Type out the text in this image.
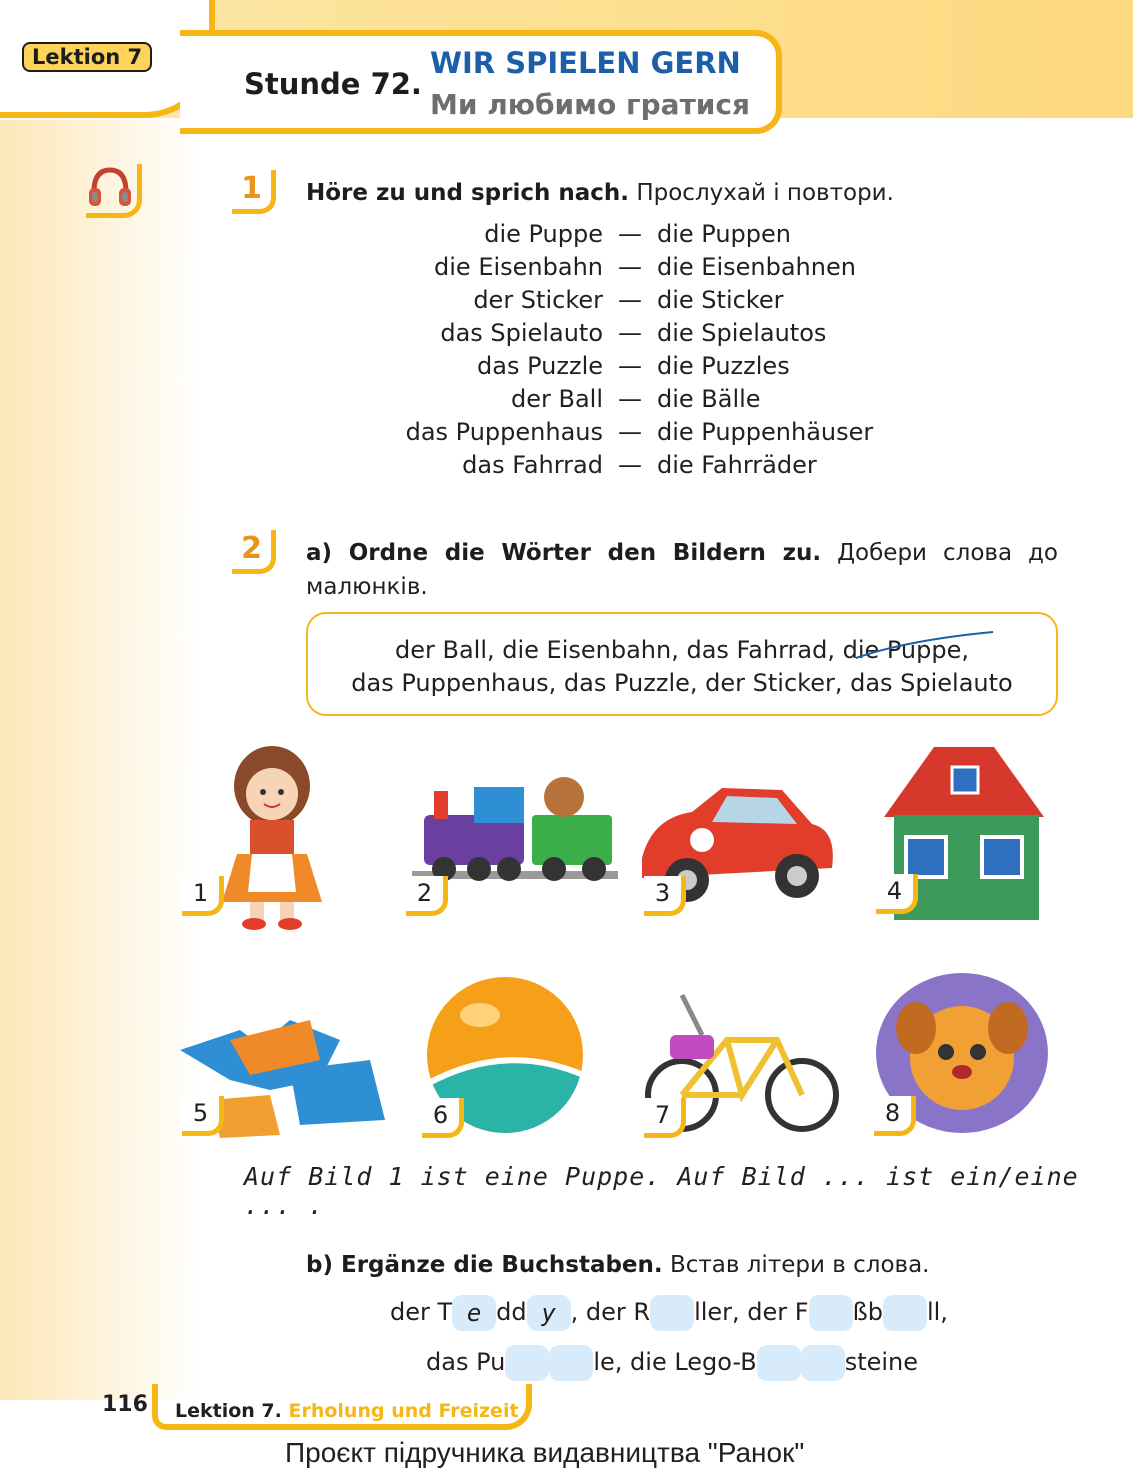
Lektion 7
Stunde 72.
WIR SPIELEN GERN
Ми любимо гратися
1	Höre zu und sprich nach. Прослухай і повтори.
die Puppe — die Puppen
die Eisenbahn — die Eisenbahnen
der Sticker — die Sticker
das Spielauto — die Spielautos
das Puzzle — die Puzzles
der Ball — die Bälle
das Puppenhaus — die Puppenhäuser
das Fahrrad — die Fahrräder
2	a) Ordne die Wörter den Bildern zu. Добери слова до малюнків.
der Ball, die Eisenbahn, das Fahrrad, die Puppe,
das Puppenhaus, das Puzzle, der Sticker, das Spielauto
1	2	3	4
5	6	7	8
Auf Bild 1 ist eine Puppe. Auf Bild ... ist ein/eine ... .
b) Ergänze die Buchstaben. Встав літери в слова.
der T e dd y , der R ller, der F ßb ll,
das Pu	le, die Lego-B	steine
116 Lektion 7. Erholung und Freizeit
Проєкт підручника видавництва "Ранок"
